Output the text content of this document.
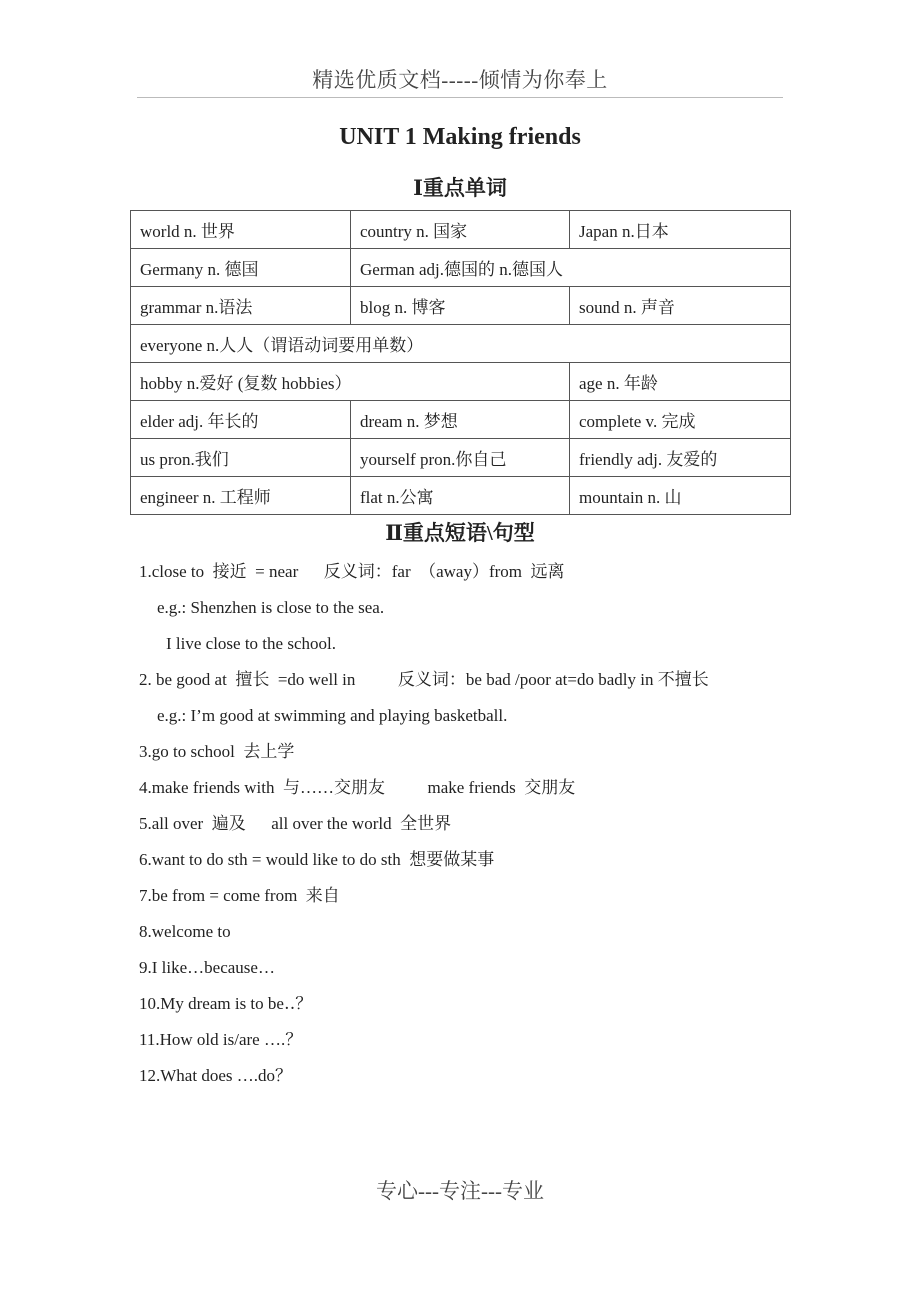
精选优质文档-----倾情为你奉上
UNIT 1 Making friends
Ⅰ重点单词
world n. 世界	country n. 国家	Japan n.日本
Germany n. 德国	German adj.德国的 n.德国人	
grammar n.语法	blog n. 博客	sound n. 声音
everyone n.人人（谓语动词要用单数）		
hobby n.爱好 (复数 hobbies）		age n. 年龄
elder adj. 年长的	dream n. 梦想	complete v. 完成
us pron.我们	yourself pron.你自己	friendly adj. 友爱的
engineer n. 工程师	flat n.公寓	mountain n. 山
Ⅱ重点短语\句型
1.close to  接近  = near      反义词：far  （away）from  远离
e.g.: Shenzhen is close to the sea.
I live close to the school.
2. be good at  擅长  =do well in          反义词：be bad /poor at=do badly in 不擅长
e.g.: I’m good at swimming and playing basketball.
3.go to school  去上学
4.make friends with  与……交朋友          make friends  交朋友
5.all over  遍及      all over the world  全世界
6.want to do sth = would like to do sth  想要做某事
7.be from = come from  来自
8.welcome to
9.I like…because…
10.My dream is to be‥？
11.How old is/are ….？
12.What does ….do？
专心---专注---专业
